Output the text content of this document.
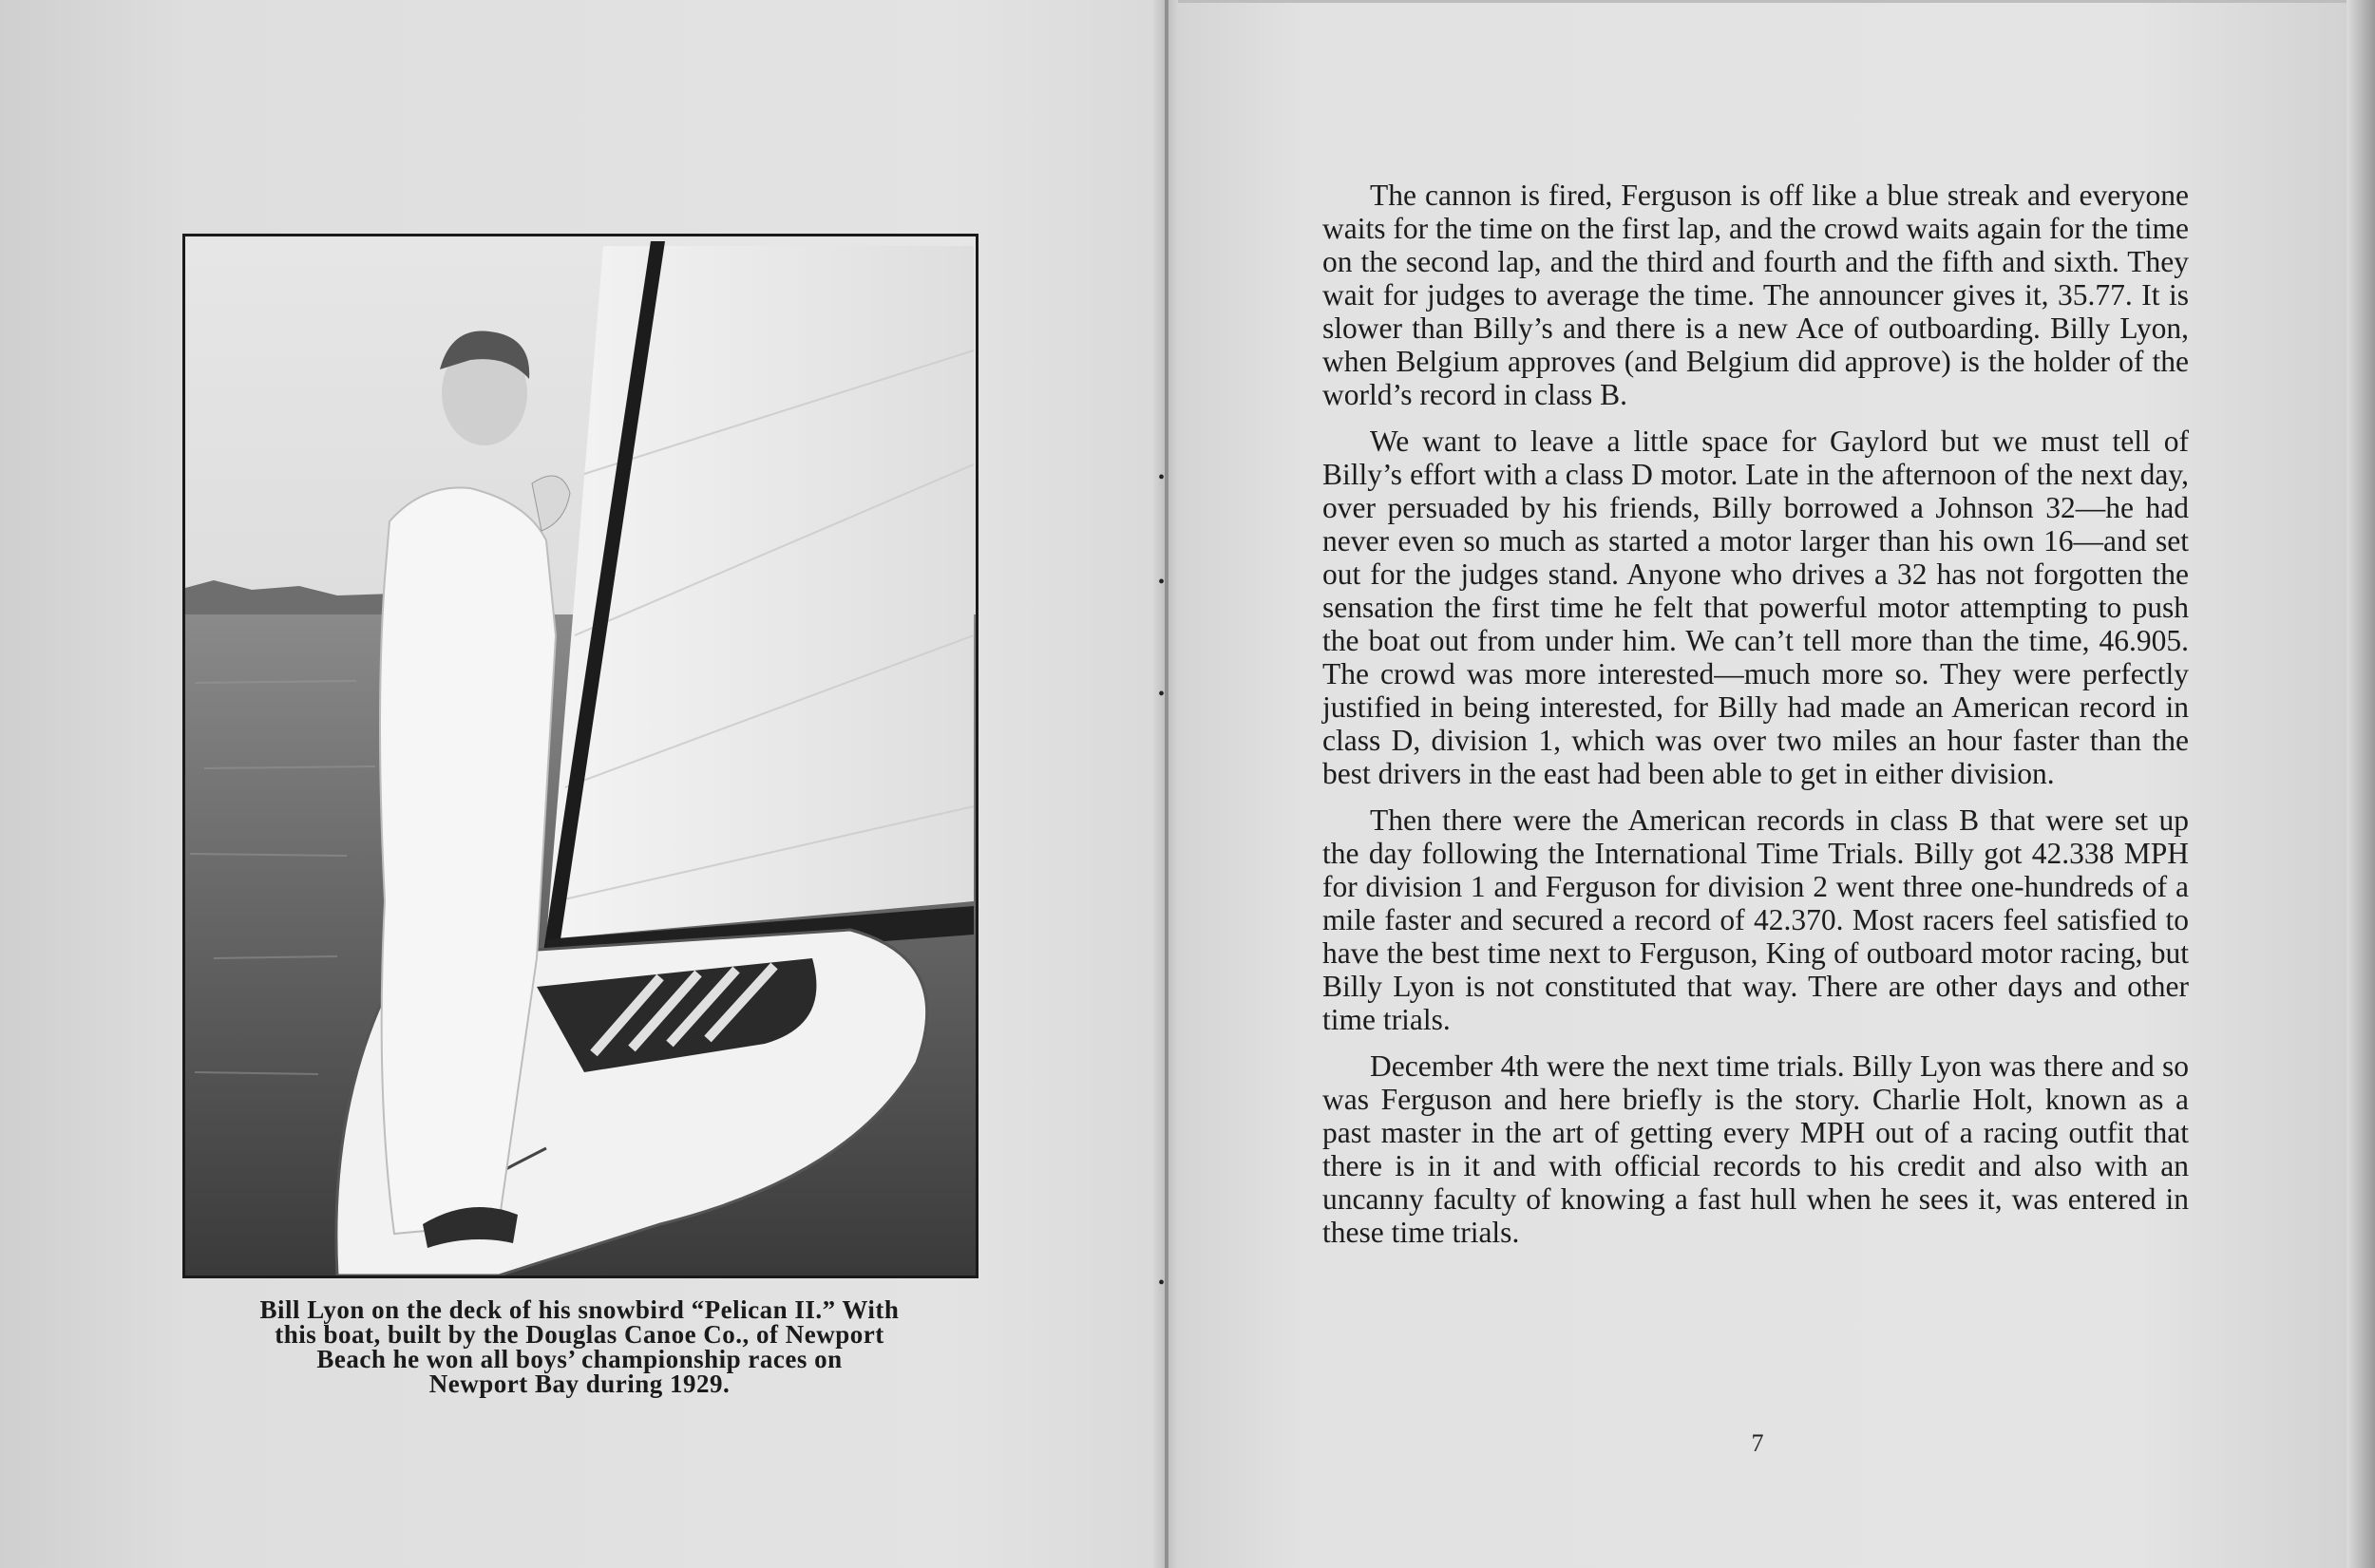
•
•
•
•
Bill Lyon on the deck of his snowbird “Pelican II.” With
this boat, built by the Douglas Canoe Co., of Newport
Beach he won all boys’ championship races on
Newport Bay during 1929.

The cannon is fired, Ferguson is off like a blue streak and everyone waits for the time on the first lap, and the crowd waits again for the time on the second lap, and the third and fourth and the fifth and sixth. They wait for judges to average the time. The announcer gives it, 35.77. It is slower than Billy’s and there is a new Ace of outboarding. Billy Lyon, when Belgium approves (and Belgium did approve) is the holder of the world’s record in class B.

We want to leave a little space for Gaylord but we must tell of Billy’s effort with a class D motor. Late in the afternoon of the next day, over persuaded by his friends, Billy borrowed a Johnson 32—he had never even so much as started a motor larger than his own 16—and set out for the judges stand. Anyone who drives a 32 has not forgotten the sensation the first time he felt that powerful motor attempting to push the boat out from under him. We can’t tell more than the time, 46.905. The crowd was more interested—much more so. They were perfectly justified in being interested, for Billy had made an American record in class D, division 1, which was over two miles an hour faster than the best drivers in the east had been able to get in either division.

Then there were the American records in class B that were set up the day following the International Time Trials. Billy got 42.338 MPH for division 1 and Ferguson for division 2 went three one-hundreds of a mile faster and secured a record of 42.370. Most racers feel satisfied to have the best time next to Ferguson, King of outboard motor racing, but Billy Lyon is not constituted that way. There are other days and other time trials.

December 4th were the next time trials. Billy Lyon was there and so was Ferguson and here briefly is the story. Charlie Holt, known as a past master in the art of getting every MPH out of a racing outfit that there is in it and with official records to his credit and also with an uncanny faculty of knowing a fast hull when he sees it, was entered in these time trials.

7
